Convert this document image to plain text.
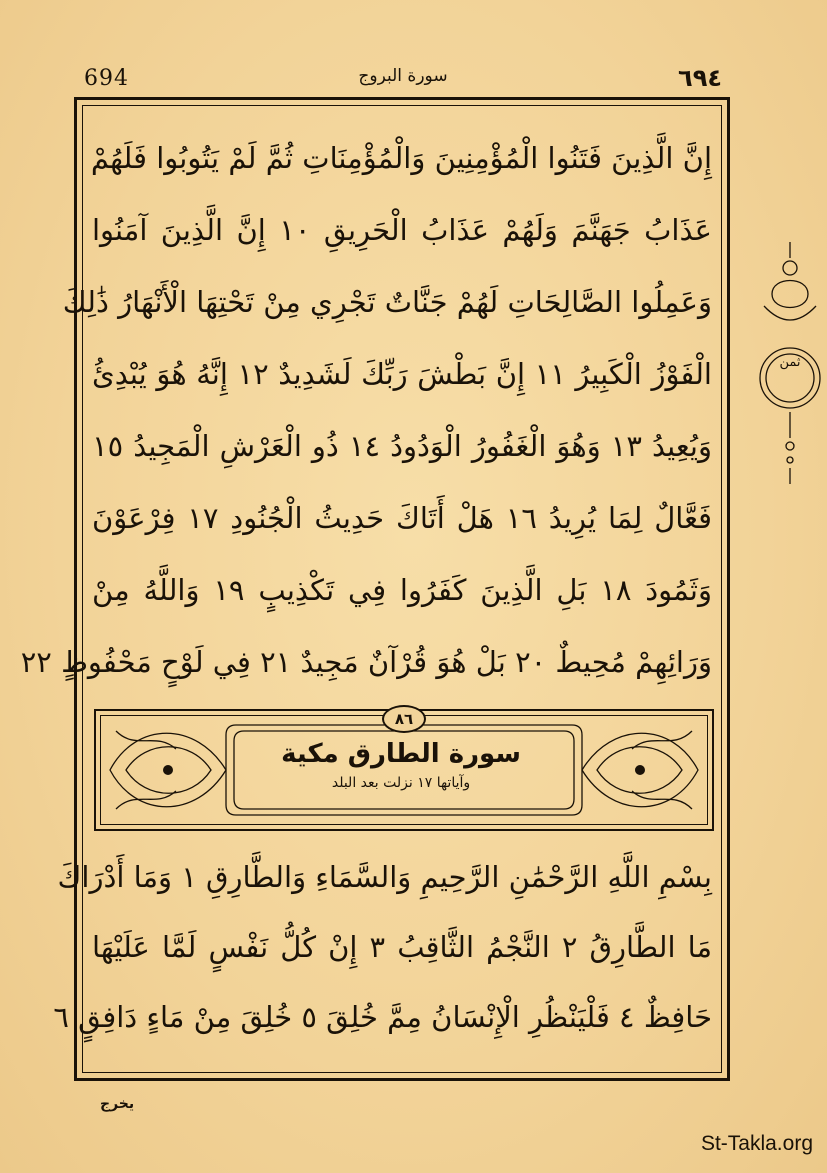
694	سورة البروج	٦٩٤
إِنَّ الَّذِينَ فَتَنُوا الْمُؤْمِنِينَ وَالْمُؤْمِنَاتِ ثُمَّ لَمْ يَتُوبُوا فَلَهُمْ
عَذَابُ جَهَنَّمَ وَلَهُمْ عَذَابُ الْحَرِيقِ ١٠ إِنَّ الَّذِينَ آمَنُوا
وَعَمِلُوا الصَّالِحَاتِ لَهُمْ جَنَّاتٌ تَجْرِي مِنْ تَحْتِهَا الْأَنْهَارُ ذَٰلِكَ
الْفَوْزُ الْكَبِيرُ ١١ إِنَّ بَطْشَ رَبِّكَ لَشَدِيدٌ ١٢ إِنَّهُ هُوَ يُبْدِئُ
وَيُعِيدُ ١٣ وَهُوَ الْغَفُورُ الْوَدُودُ ١٤ ذُو الْعَرْشِ الْمَجِيدُ ١٥
فَعَّالٌ لِمَا يُرِيدُ ١٦ هَلْ أَتَاكَ حَدِيثُ الْجُنُودِ ١٧ فِرْعَوْنَ
وَثَمُودَ ١٨ بَلِ الَّذِينَ كَفَرُوا فِي تَكْذِيبٍ ١٩ وَاللَّهُ مِنْ
وَرَائِهِمْ مُحِيطٌ ٢٠ بَلْ هُوَ قُرْآنٌ مَجِيدٌ ٢١ فِي لَوْحٍ مَحْفُوظٍ ٢٢
سورة الطارق مكية
وآياتها ١٧ نزلت بعد البلد
٨٦
بِسْمِ اللَّهِ الرَّحْمَٰنِ الرَّحِيمِ وَالسَّمَاءِ وَالطَّارِقِ ١ وَمَا أَدْرَاكَ
مَا الطَّارِقُ ٢ النَّجْمُ الثَّاقِبُ ٣ إِنْ كُلُّ نَفْسٍ لَمَّا عَلَيْهَا
حَافِظٌ ٤ فَلْيَنْظُرِ الْإِنْسَانُ مِمَّ خُلِقَ ٥ خُلِقَ مِنْ مَاءٍ دَافِقٍ ٦
ثمن
يخرج
St-Takla.org
